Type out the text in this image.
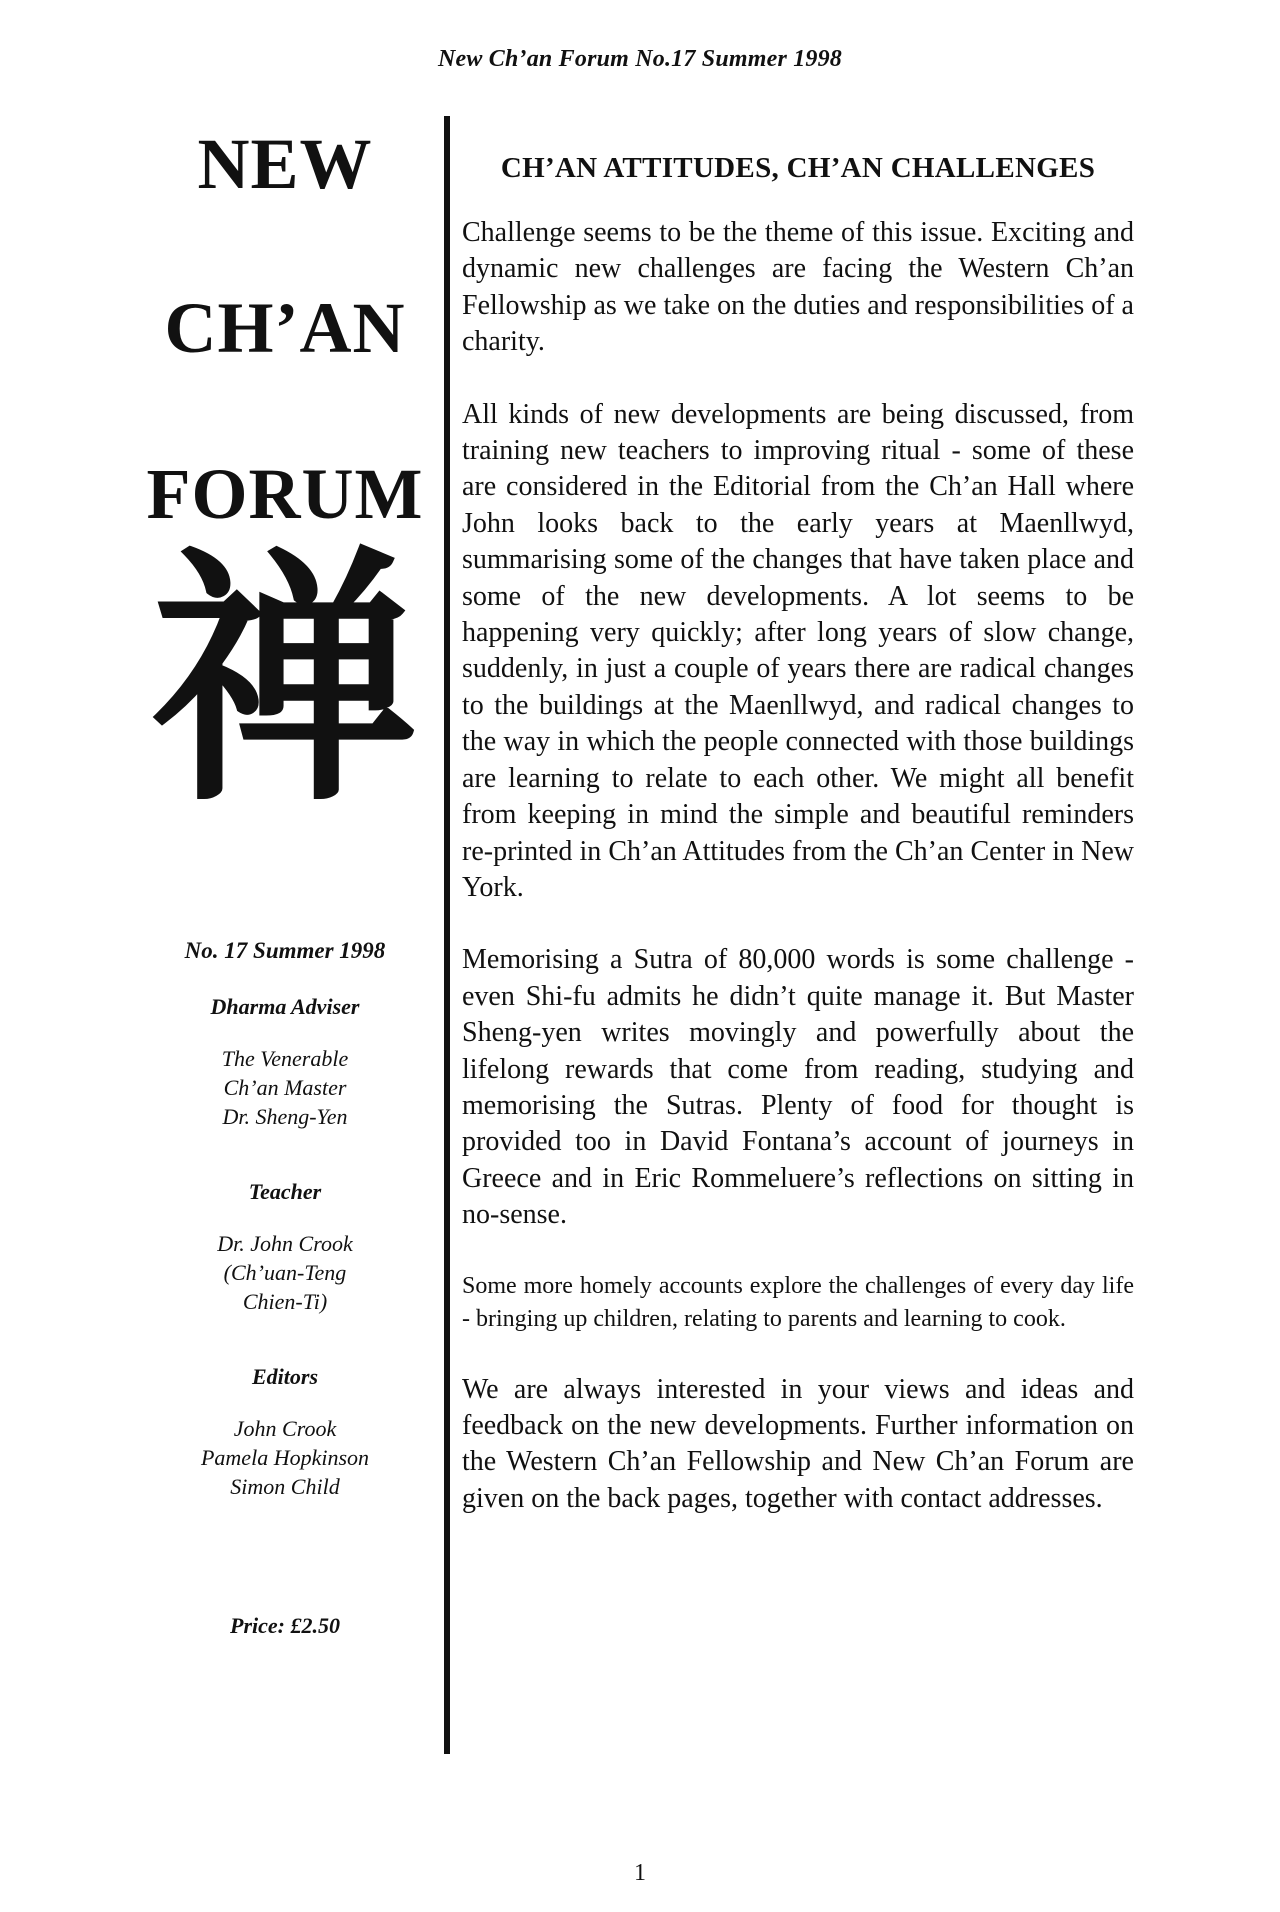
New Ch’an Forum No.17 Summer 1998
NEW
CH’AN
FORUM
禅
No. 17 Summer 1998
Dharma Adviser
The Venerable
Ch’an Master
Dr. Sheng-Yen
Teacher
Dr. John Crook
(Ch’uan-Teng
Chien-Ti)
Editors
John Crook
Pamela Hopkinson
Simon Child
Price: £2.50
CH’AN ATTITUDES, CH’AN CHALLENGES

Challenge seems to be the theme of this issue. Exciting and dynamic new challenges are facing the Western Ch’an Fellowship as we take on the duties and responsibilities of a charity.

All kinds of new developments are being discussed, from training new teachers to improving ritual - some of these are considered in the Editorial from the Ch’an Hall where John looks back to the early years at Maenllwyd, summarising some of the changes that have taken place and some of the new developments. A lot seems to be happening very quickly; after long years of slow change, suddenly, in just a couple of years there are radical changes to the buildings at the Maenllwyd, and radical changes to the way in which the people connected with those buildings are learning to relate to each other. We might all benefit from keeping in mind the simple and beautiful reminders re-printed in Ch’an Attitudes from the Ch’an Center in New York.

Memorising a Sutra of 80,000 words is some challenge - even Shi-fu admits he didn’t quite manage it. But Master Sheng-yen writes movingly and powerfully about the lifelong rewards that come from reading, studying and memorising the Sutras. Plenty of food for thought is provided too in David Fontana’s account of journeys in Greece and in Eric Rommeluere’s reflections on sitting in no-sense.

Some more homely accounts explore the challenges of every day life - bringing up children, relating to parents and learning to cook.

We are always interested in your views and ideas and feedback on the new developments. Further information on the Western Ch’an Fellowship and New Ch’an Forum are given on the back pages, together with contact addresses.

1
